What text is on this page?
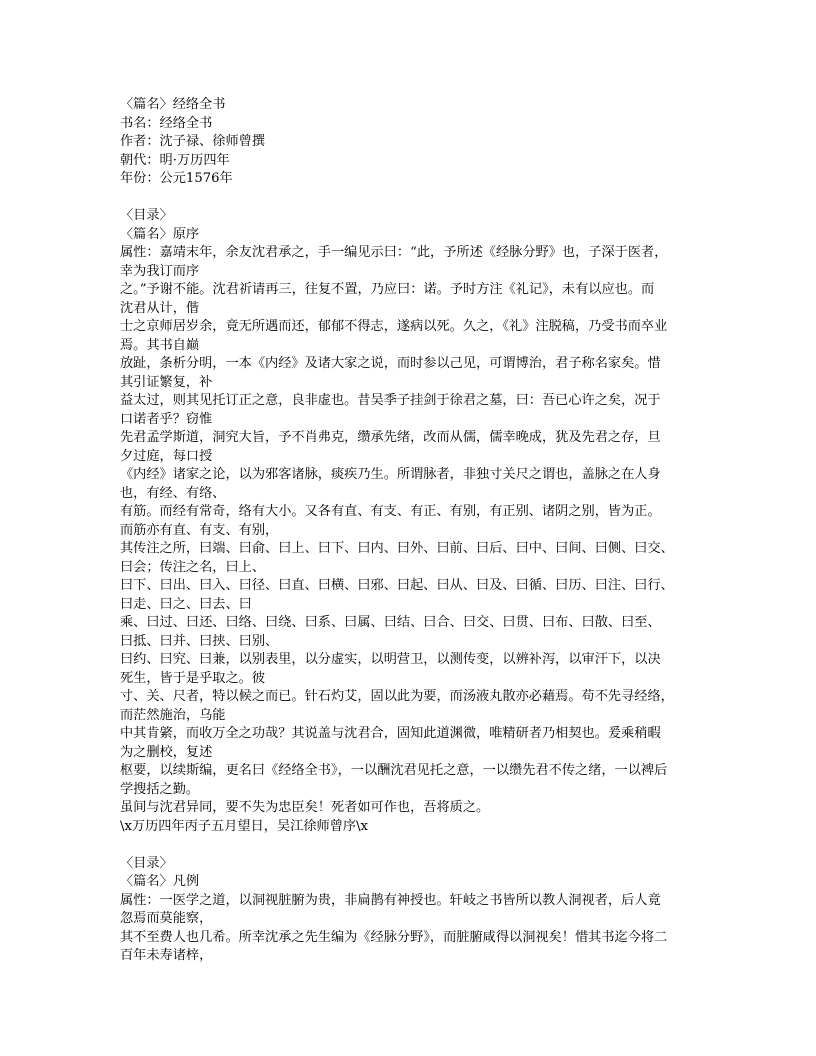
〈篇名〉经络全书
书名：经络全书
作者：沈子禄、徐师曾撰
朝代：明·万历四年
年份：公元1576年
〈目录〉
〈篇名〉原序
属性：嘉靖末年，余友沈君承之，手一编见示曰：“此，予所述《经脉分野》也，子深于医者，
幸为我订而序
之。”予谢不能。沈君祈请再三，往复不置，乃应曰：诺。予时方注《礼记》，未有以应也。而
沈君从计，偕
士之京师居岁余，竟无所遇而还，郁郁不得志，遂病以死。久之，《礼》注脱稿，乃受书而卒业
焉。其书自巅
放趾，条析分明，一本《内经》及诸大家之说，而时参以己见，可谓博治，君子称名家矣。惜
其引证繁复，补
益太过，则其见托订正之意，良非虚也。昔吴季子挂剑于徐君之墓，曰：吾已心许之矣，况于
口诺者乎？窃惟
先君孟学斯道，洞究大旨，予不肖弗克，缵承先绪，改而从儒，儒幸晚成，犹及先君之存，旦
夕过庭，每口授
《内经》诸家之论，以为邪客诸脉，痰疾乃生。所谓脉者，非独寸关尺之谓也，盖脉之在人身
也，有经、有络、
有筋。而经有常奇，络有大小。又各有直、有支、有正、有别，有正别、诸阴之别，皆为正。
而筋亦有直、有支、有别，
其传注之所，曰端、曰俞、曰上、曰下、曰内、曰外、曰前、曰后、曰中、曰间、曰侧、曰交、
曰会；传注之名，曰上、
曰下、曰出、曰入、曰径、曰直、曰横、曰邪、曰起、曰从、曰及、曰循、曰历、曰注、曰行、
曰走、曰之、曰去、曰
乘、曰过、曰还、曰络、曰绕、曰系、曰属、曰结、曰合、曰交、曰贯、曰布、曰散、曰至、
曰抵、曰并、曰挟、曰别、
曰约、曰究、曰兼，以别表里，以分虚实，以明营卫，以测传变，以辨补泻，以审汗下，以决
死生，皆于是乎取之。彼
寸、关、尺者，特以候之而已。针石灼艾，固以此为要，而汤液丸散亦必藉焉。苟不先寻经络，
而茫然施治，乌能
中其肯綮，而收万全之功哉？其说盖与沈君合，固知此道渊微，唯精研者乃相契也。爰乘稍暇
为之删校，复述
枢要，以续斯编，更名曰《经络全书》，一以酬沈君见托之意，一以缵先君不传之绪，一以裨后
学搜括之勤。
虽间与沈君异同，要不失为忠臣矣！死者如可作也，吾将质之。
\x万历四年丙子五月望日，吴江徐师曾序\x
〈目录〉
〈篇名〉凡例
属性：一医学之道，以洞视脏腑为贵，非扁鹊有神授也。轩岐之书皆所以教人洞视者，后人竟
忽焉而莫能察，
其不至费人也几希。所幸沈承之先生编为《经脉分野》，而脏腑咸得以洞视矣！惜其书迄今将二
百年未寿诸梓，
